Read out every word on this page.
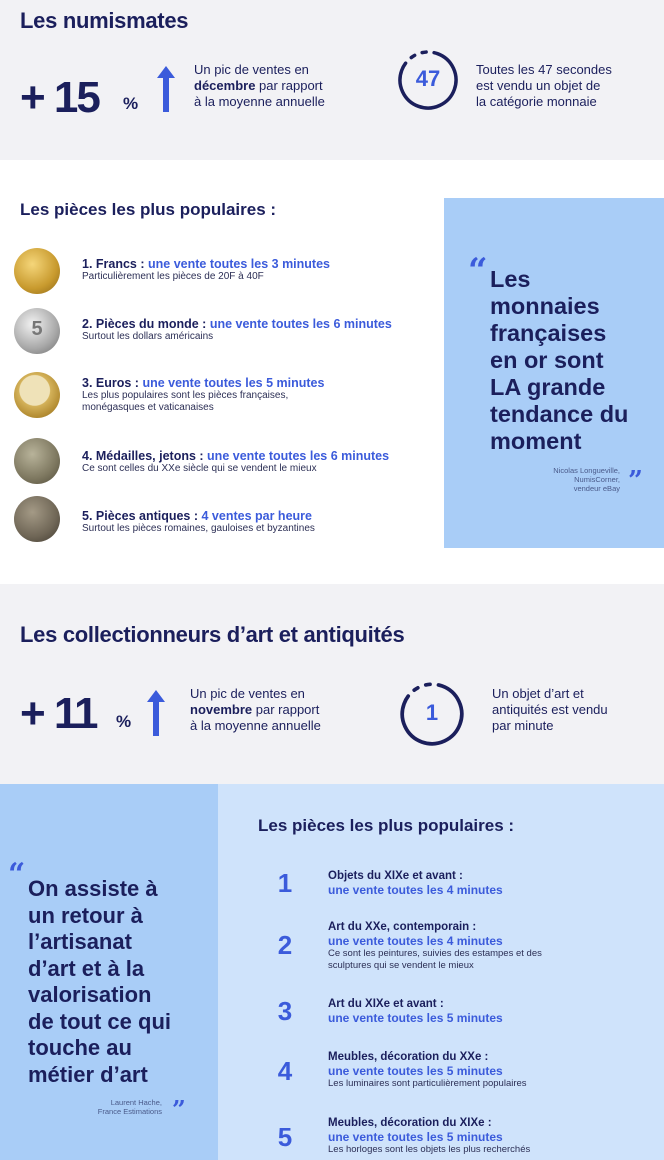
Les numismates
+ 15 %
Un pic de ventes en
décembre par rapport
à la moyenne annuelle
47	Toutes les 47 secondes
est vendu un objet de
la catégorie monnaie
Les pièces les plus populaires :
5
1. Francs : une vente toutes les 3 minutes
Particulièrement les pièces de 20F à 40F
2. Pièces du monde : une vente toutes les 6 minutes
Surtout les dollars américains
3. Euros : une vente toutes les 5 minutes
Les plus populaires sont les pièces françaises,
monégasques et vaticanaises
4. Médailles, jetons : une vente toutes les 6 minutes
Ce sont celles du XXe siècle qui se vendent le mieux
5. Pièces antiques : 4 ventes par heure
Surtout les pièces romaines, gauloises et byzantines
“ Les
monnaies
françaises
en or sont
LA grande
tendance du
moment
Nicolas Longueville,
NumisCorner,
vendeur eBay ”
Les collectionneurs d’art et antiquités
+ 11 %
Un pic de ventes en
novembre par rapport
à la moyenne annuelle
1
Un objet d’art et
antiquités est vendu
par minute
“ On assiste à
un retour à
l’artisanat
d’art et à la
valorisation
de tout ce qui
touche au
métier d’art
Laurent Hache,
France Estimations ”
Les pièces les plus populaires :
1	Objets du XIXe et avant :
une vente toutes les 4 minutes
2
Art du XXe, contemporain :
une vente toutes les 4 minutes
Ce sont les peintures, suivies des estampes et des
sculptures qui se vendent le mieux
3	Art du XIXe et avant :
une vente toutes les 5 minutes
4	Meubles, décoration du XXe :
une vente toutes les 5 minutes
Les luminaires sont particulièrement populaires
5	Meubles, décoration du XIXe :
une vente toutes les 5 minutes
Les horloges sont les objets les plus recherchés
